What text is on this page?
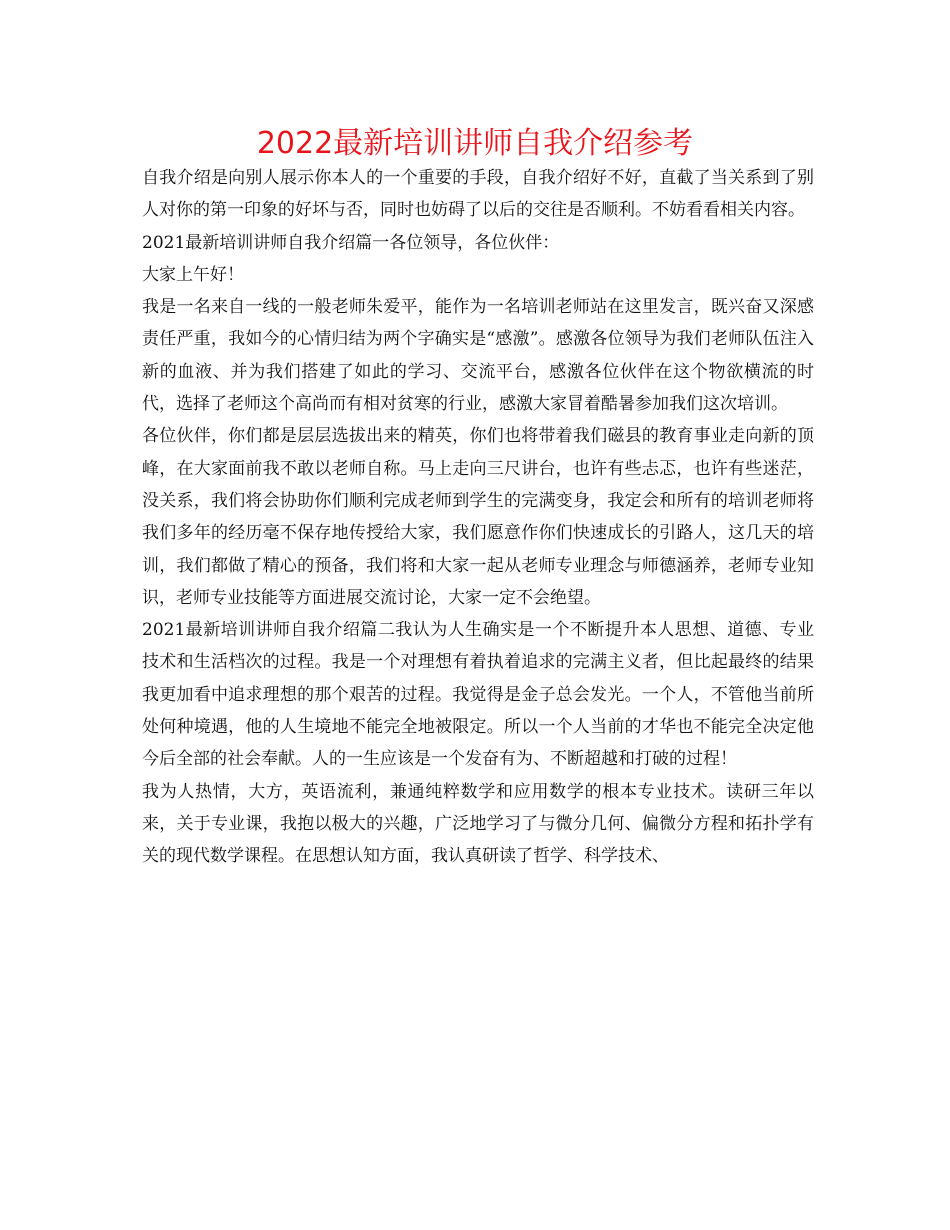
2022最新培训讲师自我介绍参考

自我介绍是向别人展示你本人的一个重要的手段，自我介绍好不好，直截了当关系到了别人对你的第一印象的好坏与否，同时也妨碍了以后的交往是否顺利。不妨看看相关内容。

2021最新培训讲师自我介绍篇一各位领导，各位伙伴：

大家上午好！

我是一名来自一线的一般老师朱爱平，能作为一名培训老师站在这里发言，既兴奋又深感责任严重，我如今的心情归结为两个字确实是“感激”。感激各位领导为我们老师队伍注入新的血液、并为我们搭建了如此的学习、交流平台，感激各位伙伴在这个物欲横流的时代，选择了老师这个高尚而有相对贫寒的行业，感激大家冒着酷暑参加我们这次培训。

各位伙伴，你们都是层层选拔出来的精英，你们也将带着我们磁县的教育事业走向新的顶峰，在大家面前我不敢以老师自称。马上走向三尺讲台，也许有些忐忑，也许有些迷茫，没关系，我们将会协助你们顺利完成老师到学生的完满变身，我定会和所有的培训老师将我们多年的经历毫不保存地传授给大家，我们愿意作你们快速成长的引路人，这几天的培训，我们都做了精心的预备，我们将和大家一起从老师专业理念与师德涵养，老师专业知识，老师专业技能等方面进展交流讨论，大家一定不会绝望。

2021最新培训讲师自我介绍篇二我认为人生确实是一个不断提升本人思想、道德、专业技术和生活档次的过程。我是一个对理想有着执着追求的完满主义者，但比起最终的结果我更加看中追求理想的那个艰苦的过程。我觉得是金子总会发光。一个人，不管他当前所处何种境遇，他的人生境地不能完全地被限定。所以一个人当前的才华也不能完全决定他今后全部的社会奉献。人的一生应该是一个发奋有为、不断超越和打破的过程！

我为人热情，大方，英语流利，兼通纯粹数学和应用数学的根本专业技术。读研三年以来，关于专业课，我抱以极大的兴趣，广泛地学习了与微分几何、偏微分方程和拓扑学有关的现代数学课程。在思想认知方面，我认真研读了哲学、科学技术、
